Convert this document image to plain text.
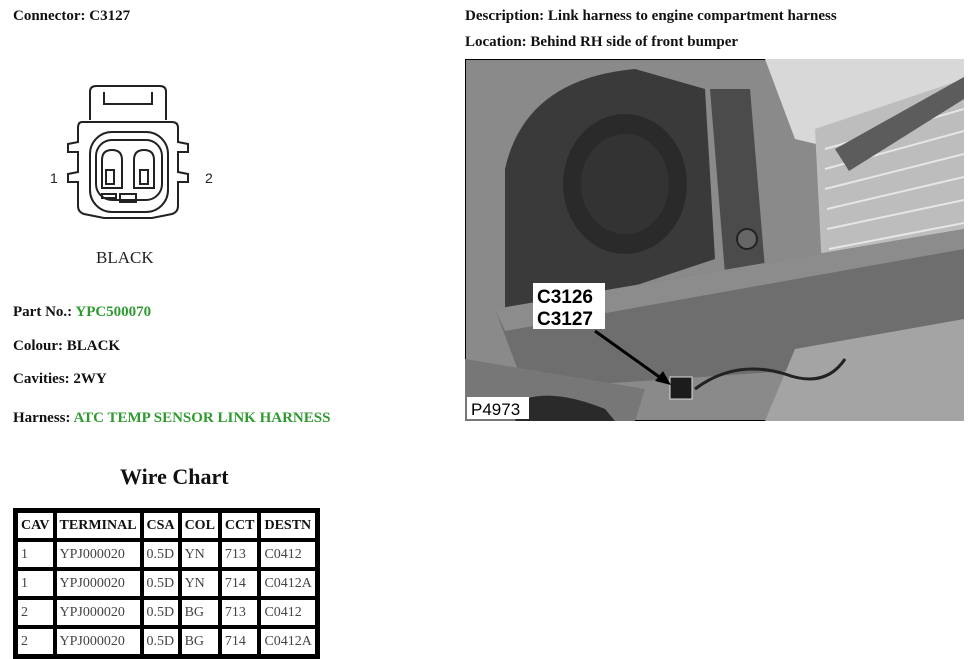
Connector: C3127	Description: Link harness to engine compartment harness
Location: Behind RH side of front bumper
1	2
BLACK
Part No.: YPC500070
Colour: BLACK
Cavities: 2WY
Harness: ATC TEMP SENSOR LINK HARNESS
C3126
C3127
P4973
Wire Chart
CAV	TERMINAL	CSA	COL	CCT	DESTN
1	YPJ000020	0.5D	YN	713	C0412
1	YPJ000020	0.5D	YN	714	C0412A
2	YPJ000020	0.5D	BG	713	C0412
2	YPJ000020	0.5D	BG	714	C0412A
